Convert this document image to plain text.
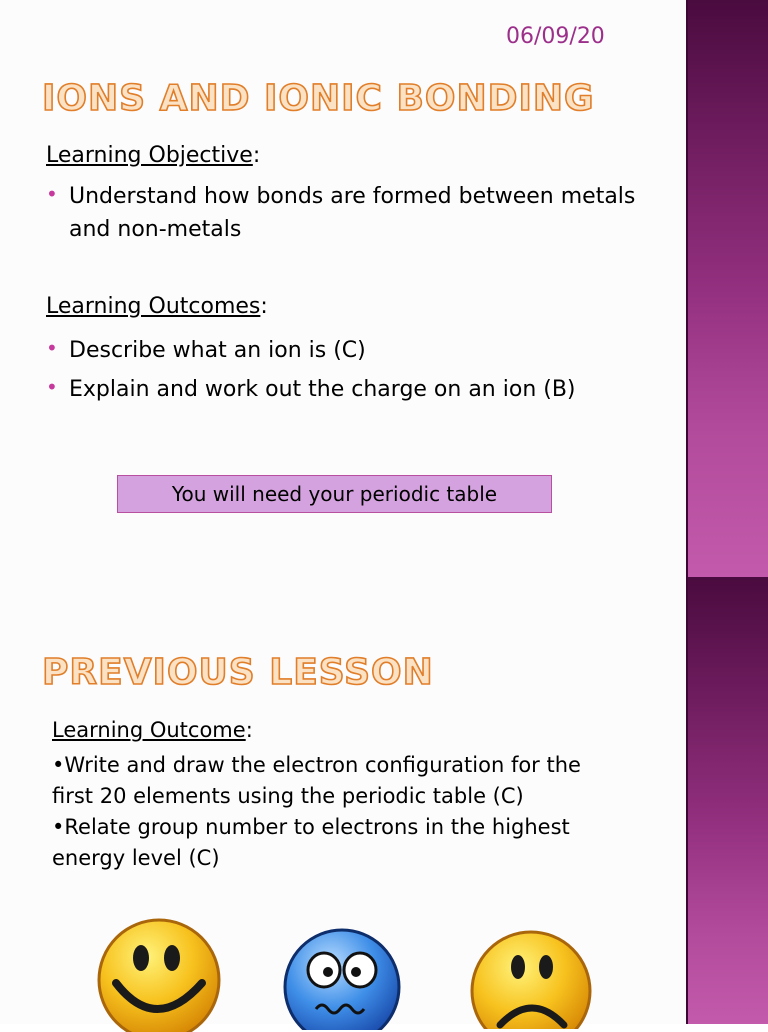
06/09/20
IONS AND IONIC BONDING
Learning Objective:
• Understand how bonds are formed between metals and non-metals
Learning Outcomes:
• Describe what an ion is (C)
• Explain and work out the charge on an ion (B)
You will need your periodic table
PREVIOUS LESSON
Learning Outcome:
•Write and draw the electron configuration for the
first 20 elements using the periodic table (C)
•Relate group number to electrons in the highest
energy level (C)
